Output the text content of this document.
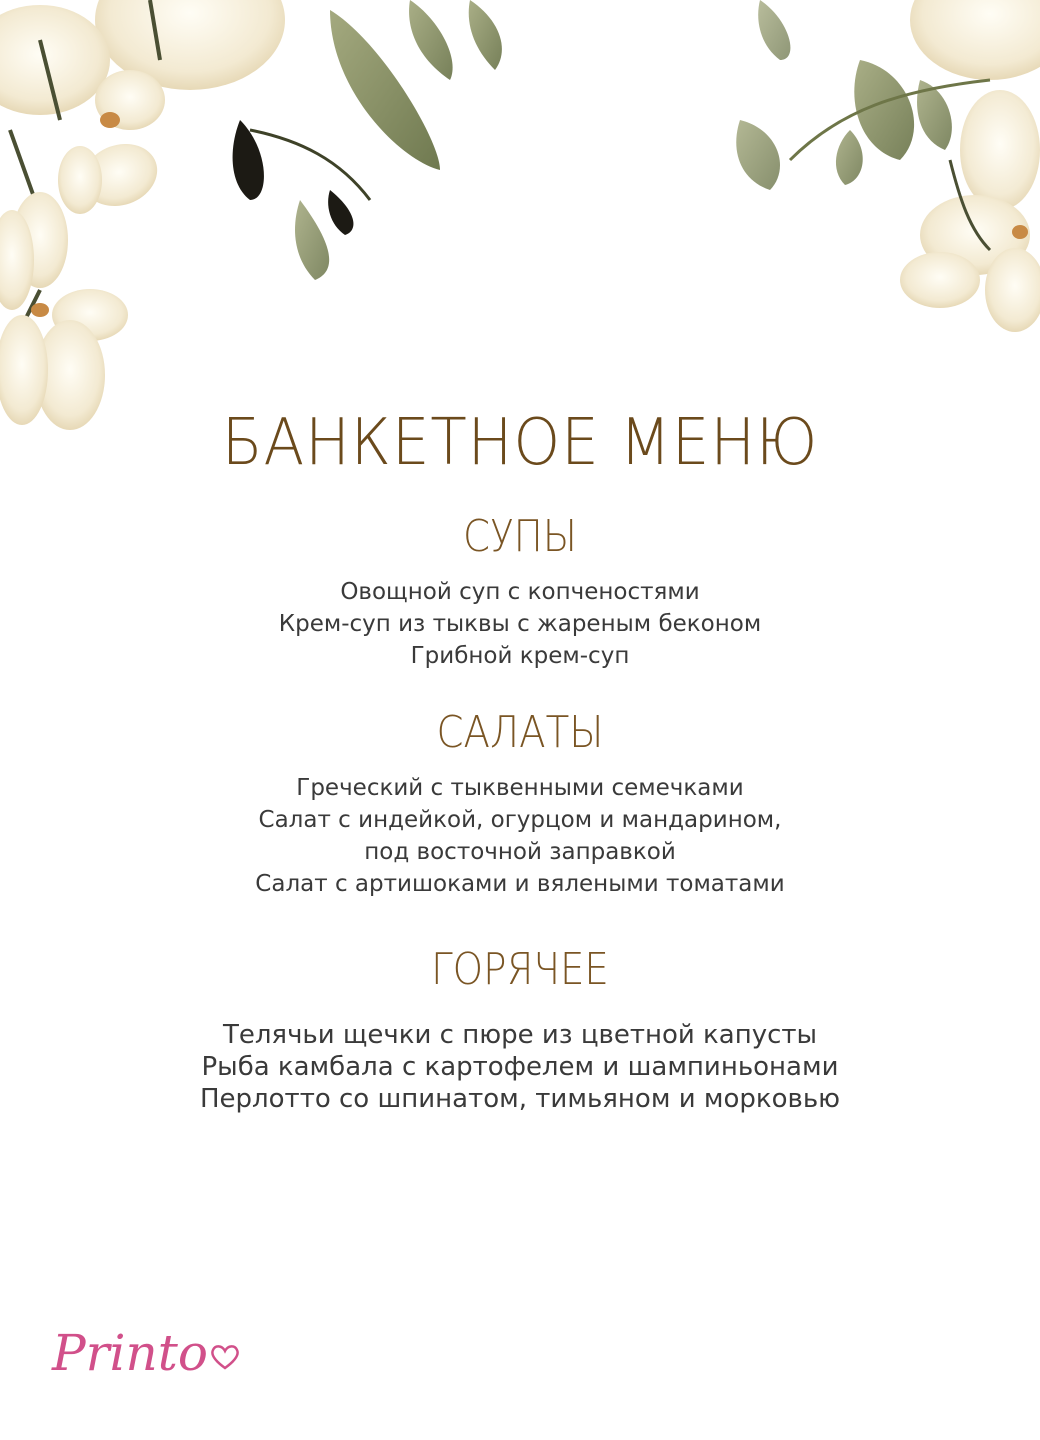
БАНКЕТНОЕ МЕНЮ
СУПЫ
Овощной суп с копченостями
Крем-суп из тыквы с жареным беконом
Грибной крем-суп
САЛАТЫ
Греческий с тыквенными семечками
Салат с индейкой, огурцом и мандарином,
под восточной заправкой
Салат с артишоками и вялеными томатами
ГОРЯЧЕЕ
Телячьи щечки с пюре из цветной капусты
Рыба камбала с картофелем и шампиньонами
Перлотто со шпинатом, тимьяном и морковью
Printo
